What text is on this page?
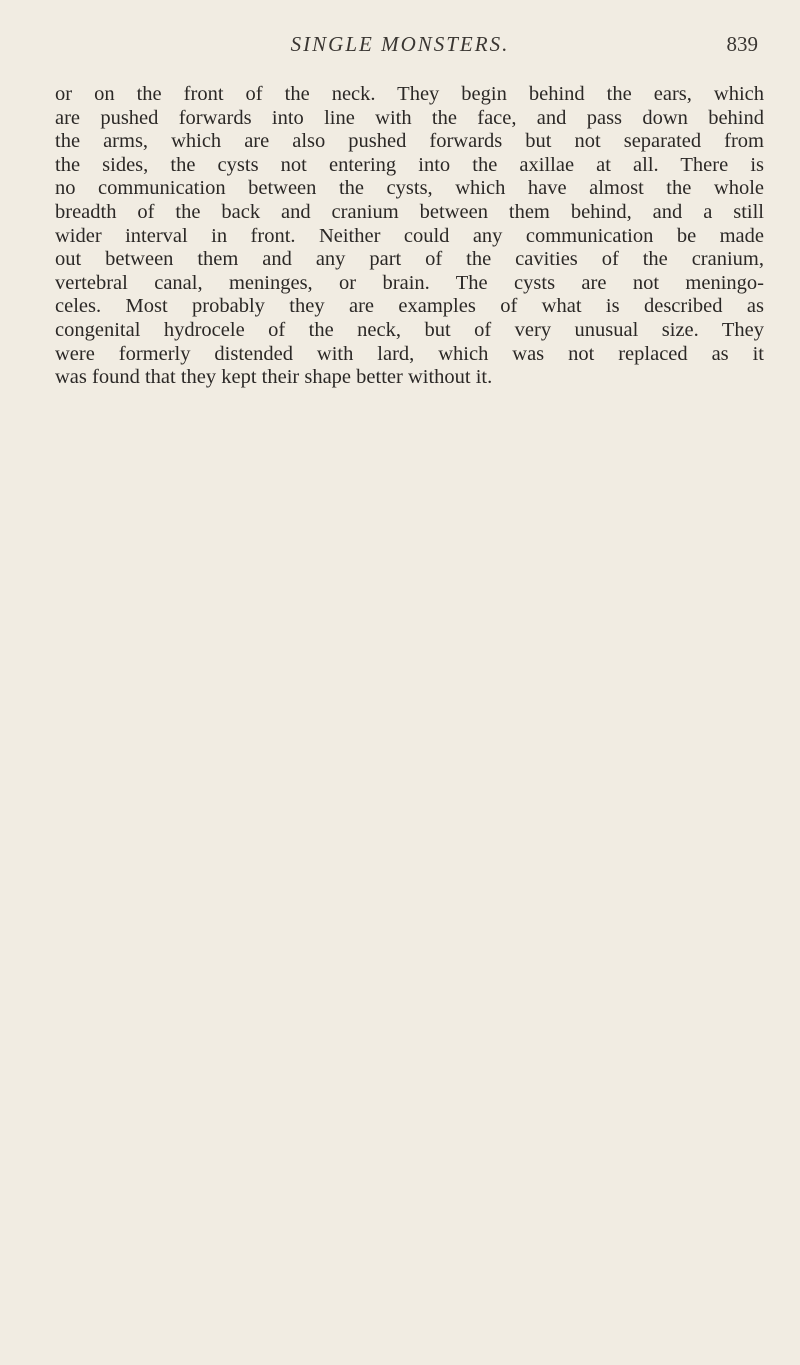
SINGLE MONSTERS.	839
or on the front of the neck. They begin behind the ears, which
are pushed forwards into line with the face, and pass down behind
the arms, which are also pushed forwards but not separated from
the sides, the cysts not entering into the axillae at all. There is
no communication between the cysts, which have almost the whole
breadth of the back and cranium between them behind, and a still
wider interval in front. Neither could any communication be made
out between them and any part of the cavities of the cranium,
vertebral canal, meninges, or brain. The cysts are not meningo-
celes. Most probably they are examples of what is described as
congenital hydrocele of the neck, but of very unusual size. They
were formerly distended with lard, which was not replaced as it
was found that they kept their shape better without it.
